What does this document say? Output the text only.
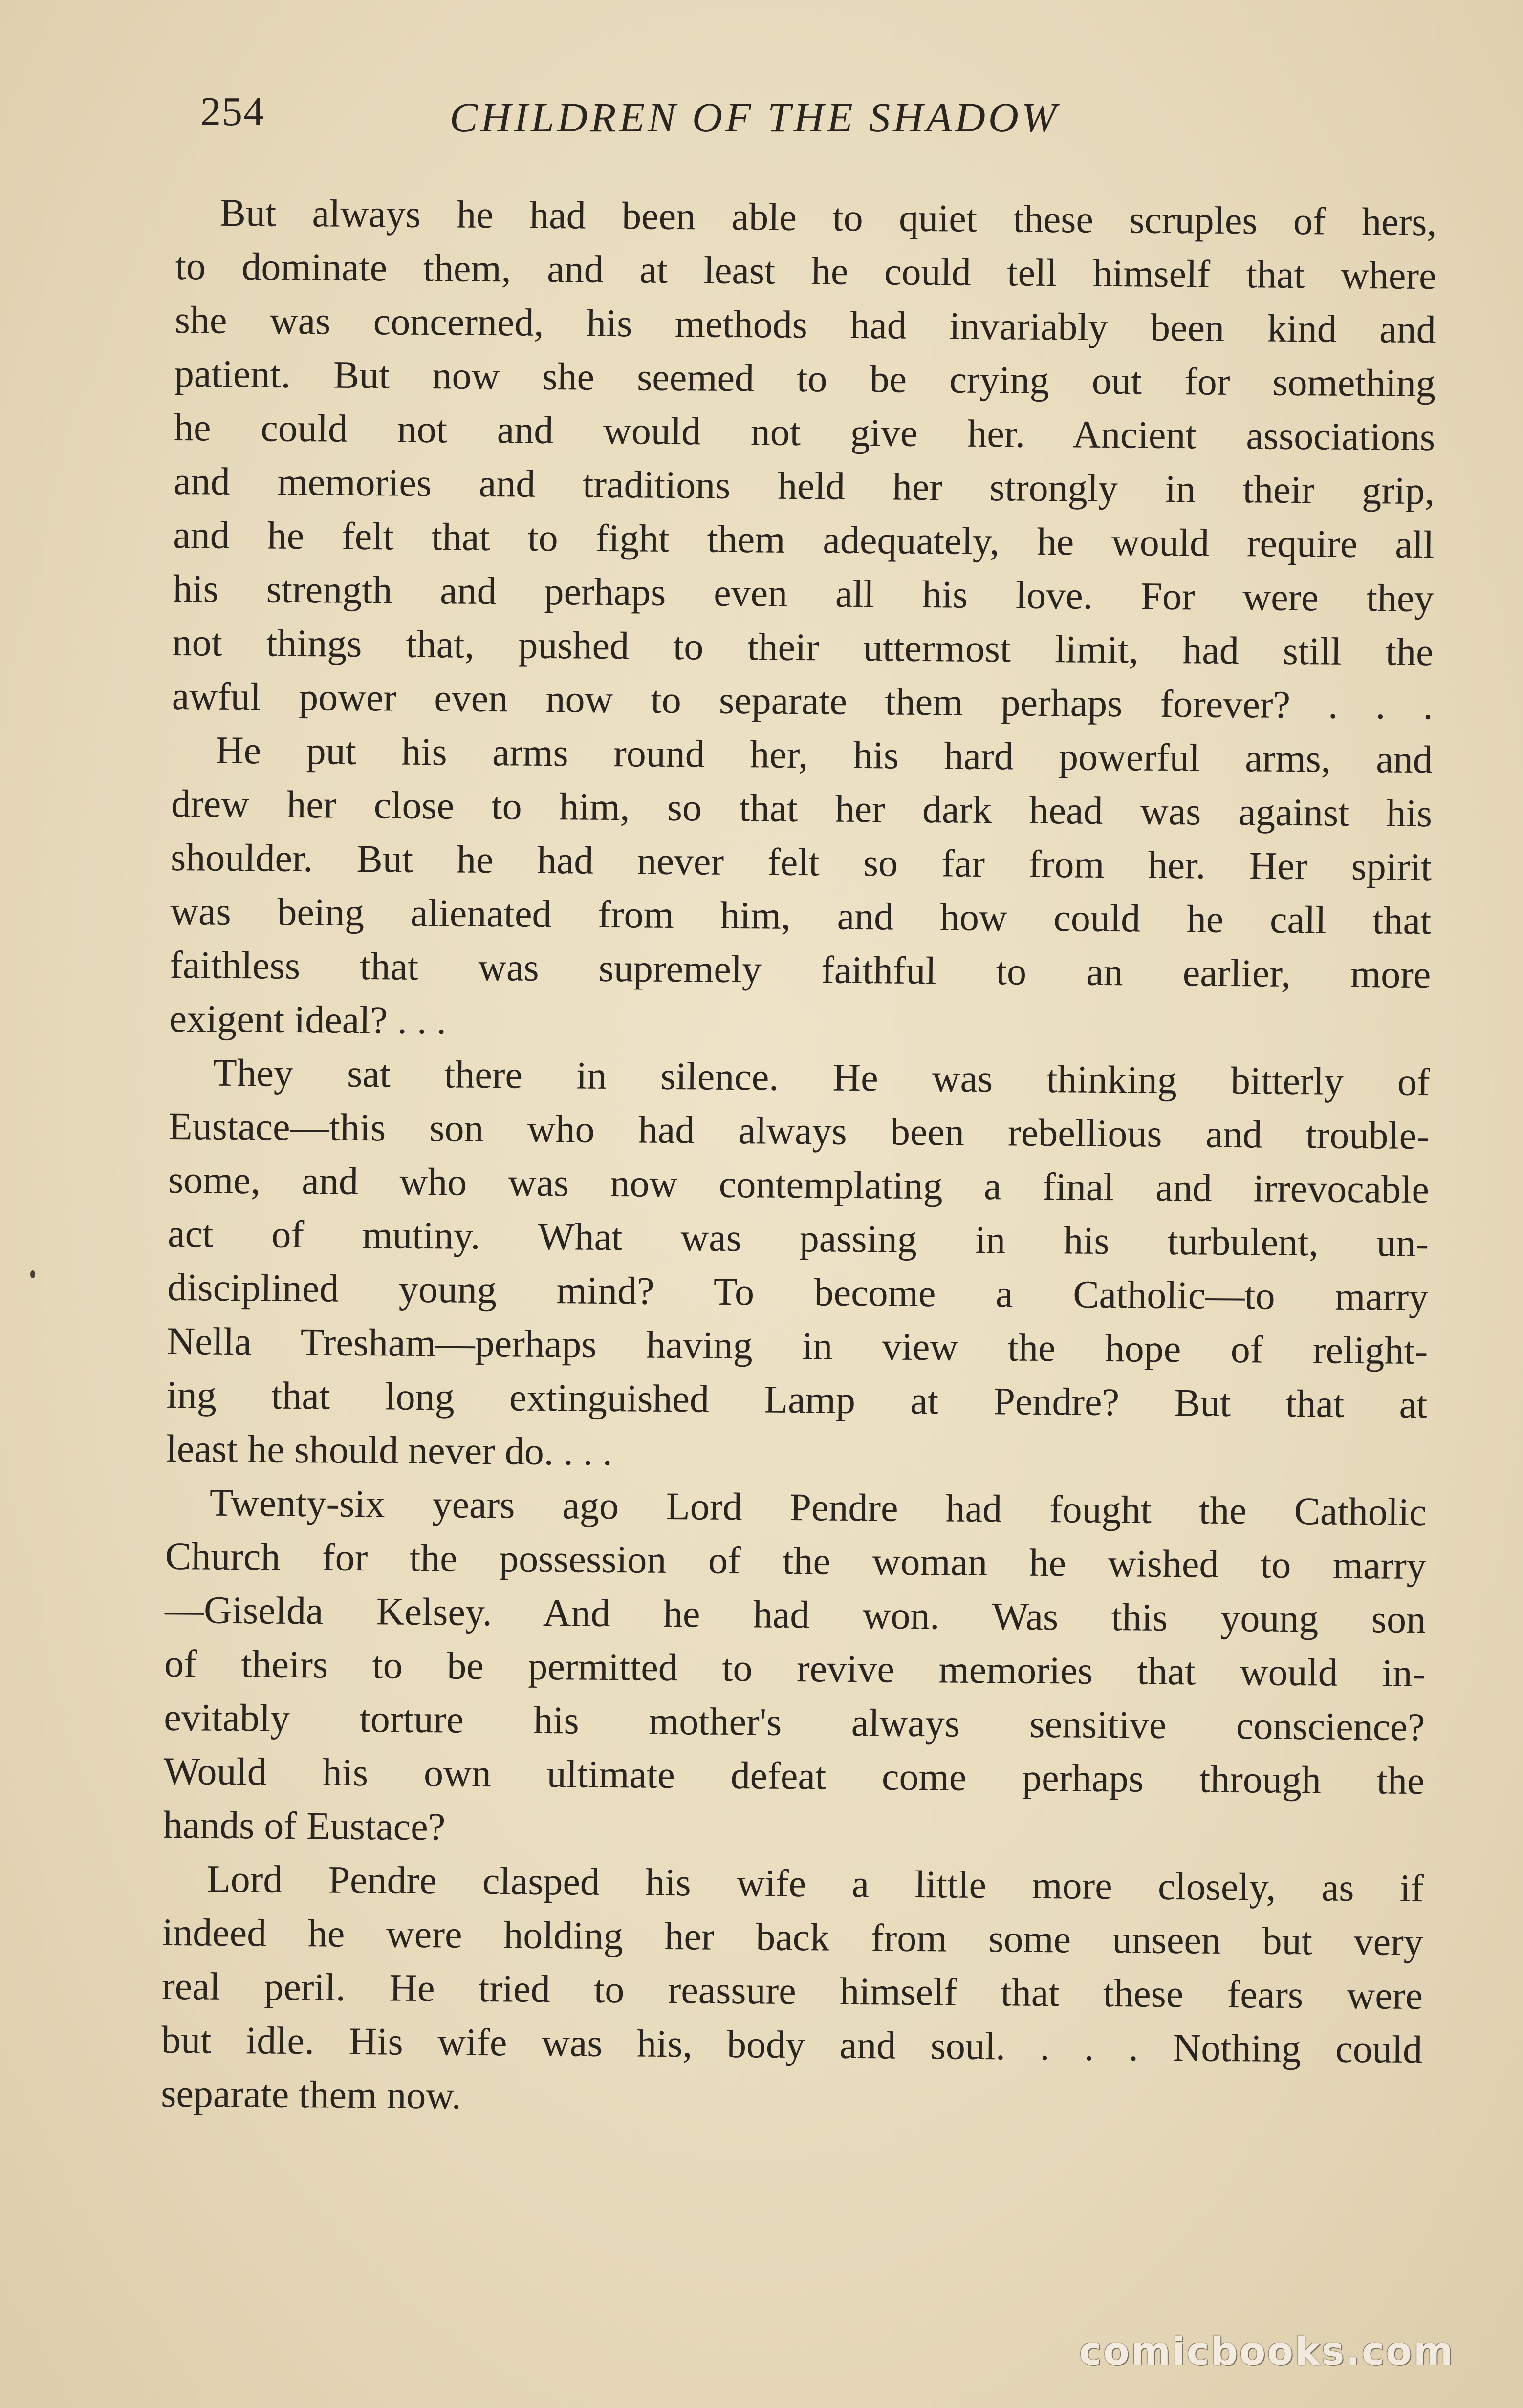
254	CHILDREN OF THE SHADOW
But always he had been able to quiet these scruples of hers,
to dominate them, and at least he could tell himself that where
she was concerned, his methods had invariably been kind and
patient. But now she seemed to be crying out for something
he could not and would not give her. Ancient associations
and memories and traditions held her strongly in their grip,
and he felt that to fight them adequately, he would require all
his strength and perhaps even all his love. For were they
not things that, pushed to their uttermost limit, had still the
awful power even now to separate them perhaps forever? . . .
He put his arms round her, his hard powerful arms, and
drew her close to him, so that her dark head was against his
shoulder. But he had never felt so far from her. Her spirit
was being alienated from him, and how could he call that
faithless that was supremely faithful to an earlier, more
exigent ideal? . . .
They sat there in silence. He was thinking bitterly of
Eustace—this son who had always been rebellious and trouble-
some, and who was now contemplating a final and irrevocable
act of mutiny. What was passing in his turbulent, un-
disciplined young mind? To become a Catholic—to marry
Nella Tresham—perhaps having in view the hope of relight-
ing that long extinguished Lamp at Pendre? But that at
least he should never do. . . .
Twenty-six years ago Lord Pendre had fought the Catholic
Church for the possession of the woman he wished to marry
—Giselda Kelsey. And he had won. Was this young son
of theirs to be permitted to revive memories that would in-
evitably torture his mother's always sensitive conscience?
Would his own ultimate defeat come perhaps through the
hands of Eustace?
Lord Pendre clasped his wife a little more closely, as if
indeed he were holding her back from some unseen but very
real peril. He tried to reassure himself that these fears were
but idle. His wife was his, body and soul. . . . Nothing could
separate them now.
comicbooks.com
